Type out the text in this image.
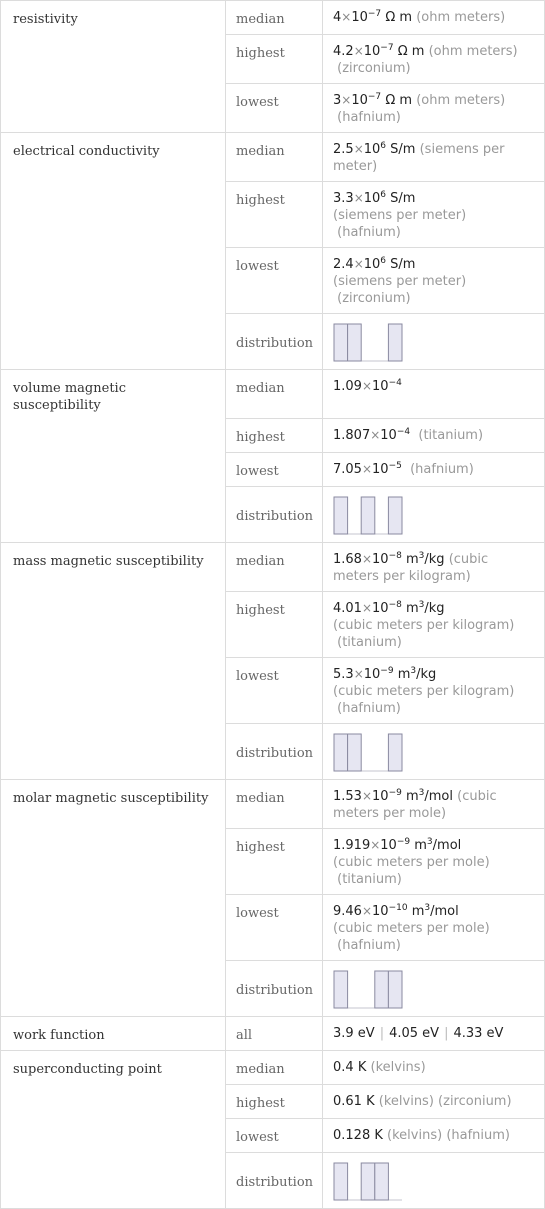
resistivity	median	$4\times 10^{-7}$ Ω m (ohm meters)
	highest	$4.2\times 10^{-7}$ Ω m (ohm meters)
(zirconium)
	lowest	$3\times 10^{-7}$ Ω m (ohm meters)
(hafnium)
electrical conductivity	median	$2.5\times 10^6$ S/m (siemens per meter)
	highest	$3.3\times 10^6$ S/m
(siemens per meter)
(hafnium)
	lowest	$2.4\times 10^6$ S/m
(siemens per meter)
(zirconium)
	distribution	

volume magnetic susceptibility	median	$1.09\times 10^{-4}$
	highest	$1.807\times 10^{-4}$ (titanium)
	lowest	$7.05\times 10^{-5}$ (hafnium)
	distribution	

mass magnetic susceptibility	median	$1.68\times 10^{-8}$ $m^3/kg$ (cubic meters per kilogram)
	highest	$4.01\times 10^{-8}$ $m^3/kg$
(cubic meters per kilogram)
(titanium)
	lowest	$5.3\times 10^{-9}$ $m^3/kg$
(cubic meters per kilogram)
(hafnium)
	distribution	

molar magnetic susceptibility	median	$1.53\times 10^{-9}$ $m^3$/mol (cubic meters per mole)
	highest	$1.919\times 10^{-9}$ $m^3$/mol
(cubic meters per mole)
(titanium)
	lowest	$9.46\times 10^{-10}$ $m^3$/mol
(cubic meters per mole)
(hafnium)
	distribution	

work function	all	3.9 eV | 4.05 eV | 4.33 eV
superconducting point	median	0.4 K (kelvins)
	highest	0.61 K (kelvins) (zirconium)
	lowest	0.128 K (kelvins) (hafnium)
	distribution	
